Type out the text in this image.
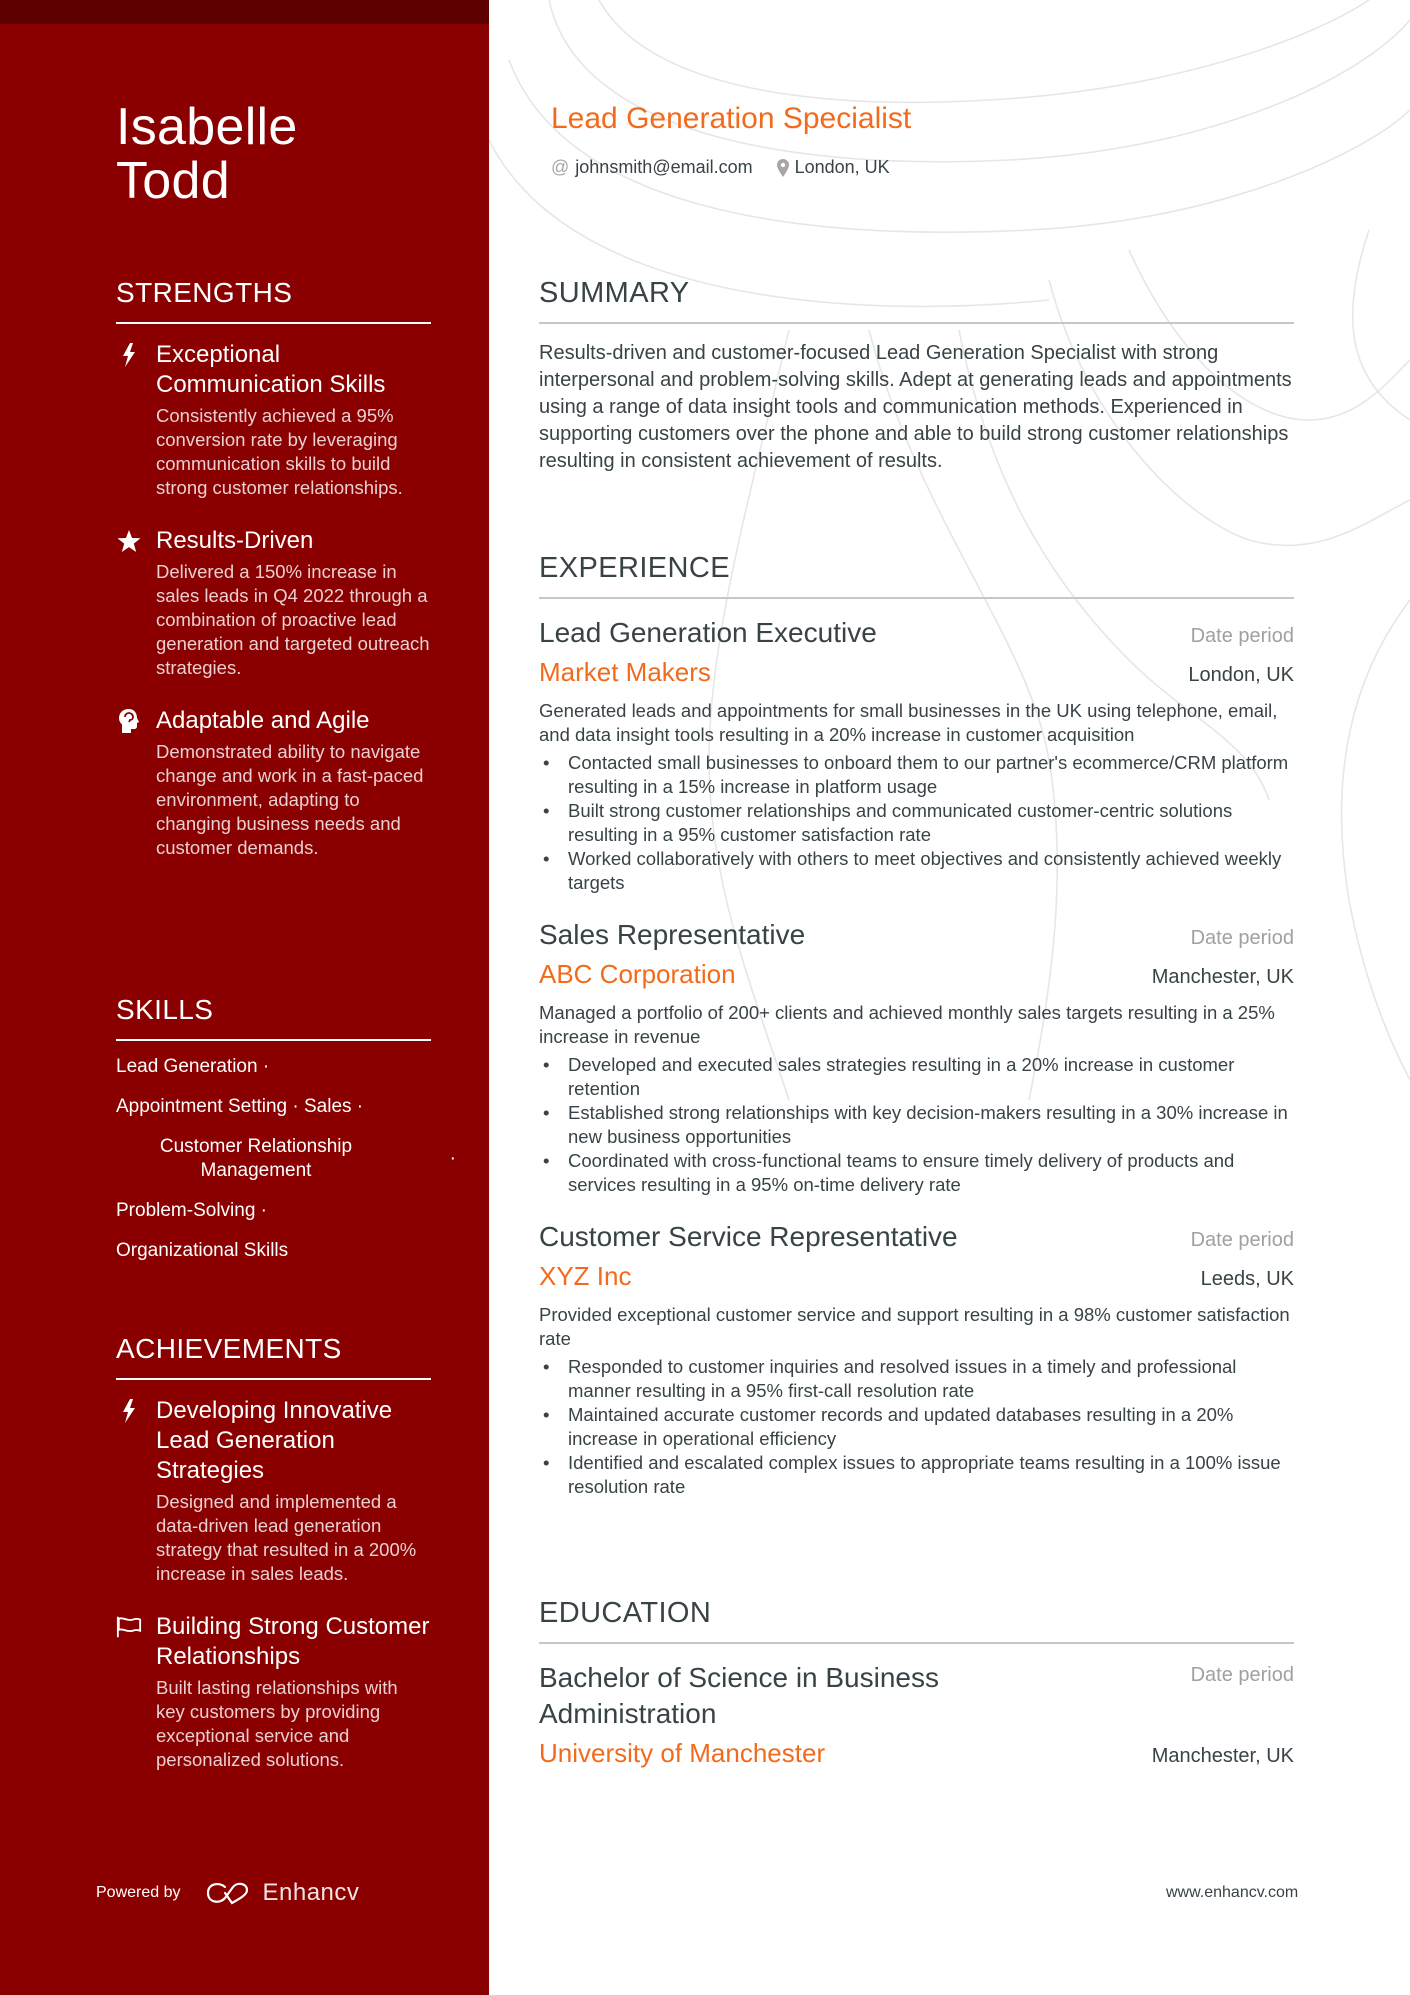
Isabelle
Todd
STRENGTHS
Exceptional Communication Skills
Consistently achieved a 95% conversion rate by leveraging communication skills to build strong customer relationships.
Results-Driven
Delivered a 150% increase in sales leads in Q4 2022 through a combination of proactive lead generation and targeted outreach strategies.
Adaptable and Agile
Demonstrated ability to navigate change and work in a fast-paced environment, adapting to changing business needs and customer demands.
SKILLS
Lead Generation ·
Appointment Setting · Sales ·
Customer Relationship Management
·
Problem-Solving ·
Organizational Skills
ACHIEVEMENTS
Developing Innovative Lead Generation Strategies
Designed and implemented a data-driven lead generation strategy that resulted in a 200% increase in sales leads.
Building Strong Customer Relationships
Built lasting relationships with key customers by providing exceptional service and personalized solutions.
Powered by	Enhancv
Lead Generation Specialist
@ johnsmith@email.com London, UK
SUMMARY

Results-driven and customer-focused Lead Generation Specialist with strong interpersonal and problem-solving skills. Adept at generating leads and appointments using a range of data insight tools and communication methods. Experienced in supporting customers over the phone and able to build strong customer relationships resulting in consistent achievement of results.

EXPERIENCE
Lead Generation Executive	Date period
Market Makers	London, UK

Generated leads and appointments for small businesses in the UK using telephone, email, and data insight tools resulting in a 20% increase in customer acquisition

• Contacted small businesses to onboard them to our partner's ecommerce/CRM platform resulting in a 15% increase in platform usage
• Built strong customer relationships and communicated customer-centric solutions resulting in a 95% customer satisfaction rate
• Worked collaboratively with others to meet objectives and consistently achieved weekly targets
Sales Representative	Date period
ABC Corporation	Manchester, UK

Managed a portfolio of 200+ clients and achieved monthly sales targets resulting in a 25% increase in revenue

• Developed and executed sales strategies resulting in a 20% increase in customer retention
• Established strong relationships with key decision-makers resulting in a 30% increase in new business opportunities
• Coordinated with cross-functional teams to ensure timely delivery of products and services resulting in a 95% on-time delivery rate
Customer Service Representative	Date period
XYZ Inc	Leeds, UK

Provided exceptional customer service and support resulting in a 98% customer satisfaction rate

• Responded to customer inquiries and resolved issues in a timely and professional manner resulting in a 95% first-call resolution rate
• Maintained accurate customer records and updated databases resulting in a 20% increase in operational efficiency
• Identified and escalated complex issues to appropriate teams resulting in a 100% issue resolution rate
EDUCATION
Bachelor of Science in Business Administration
Date period
University of Manchester	Manchester, UK
www.enhancv.com
